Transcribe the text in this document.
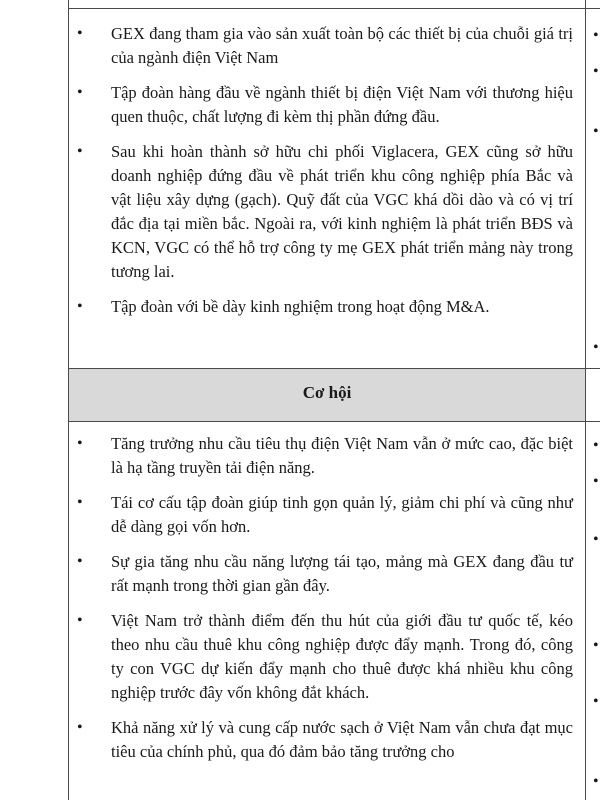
• GEX đang tham gia vào sản xuất toàn bộ các thiết bị của chuỗi giá trị của ngành điện Việt Nam
• Tập đoàn hàng đầu về ngành thiết bị điện Việt Nam với thương hiệu quen thuộc, chất lượng đi kèm thị phần đứng đầu.
• Sau khi hoàn thành sở hữu chi phối Viglacera, GEX cũng sở hữu doanh nghiệp đứng đầu về phát triển khu công nghiệp phía Bắc và vật liệu xây dựng (gạch). Quỹ đất của VGC khá dồi dào và có vị trí đắc địa tại miền bắc. Ngoài ra, với kinh nghiệm là phát triển BĐS và KCN, VGC có thể hỗ trợ công ty mẹ GEX phát triển mảng này trong tương lai.
• Tập đoàn với bề dày kinh nghiệm trong hoạt động M&A.
Cơ hội
• Tăng trưởng nhu cầu tiêu thụ điện Việt Nam vẫn ở mức cao, đặc biệt là hạ tầng truyền tải điện năng.
• Tái cơ cấu tập đoàn giúp tinh gọn quản lý, giảm chi phí và cũng như dễ dàng gọi vốn hơn.
• Sự gia tăng nhu cầu năng lượng tái tạo, mảng mà GEX đang đầu tư rất mạnh trong thời gian gần đây.
• Việt Nam trở thành điểm đến thu hút của giới đầu tư quốc tế, kéo theo nhu cầu thuê khu công nghiệp được đẩy mạnh. Trong đó, công ty con VGC dự kiến đẩy mạnh cho thuê được khá nhiều khu công nghiệp trước đây vốn không đắt khách.
• Khả năng xử lý và cung cấp nước sạch ở Việt Nam vẫn chưa đạt mục tiêu của chính phủ, qua đó đảm bảo tăng trưởng cho
•
•
•
•
•
•
•
•
•
•
